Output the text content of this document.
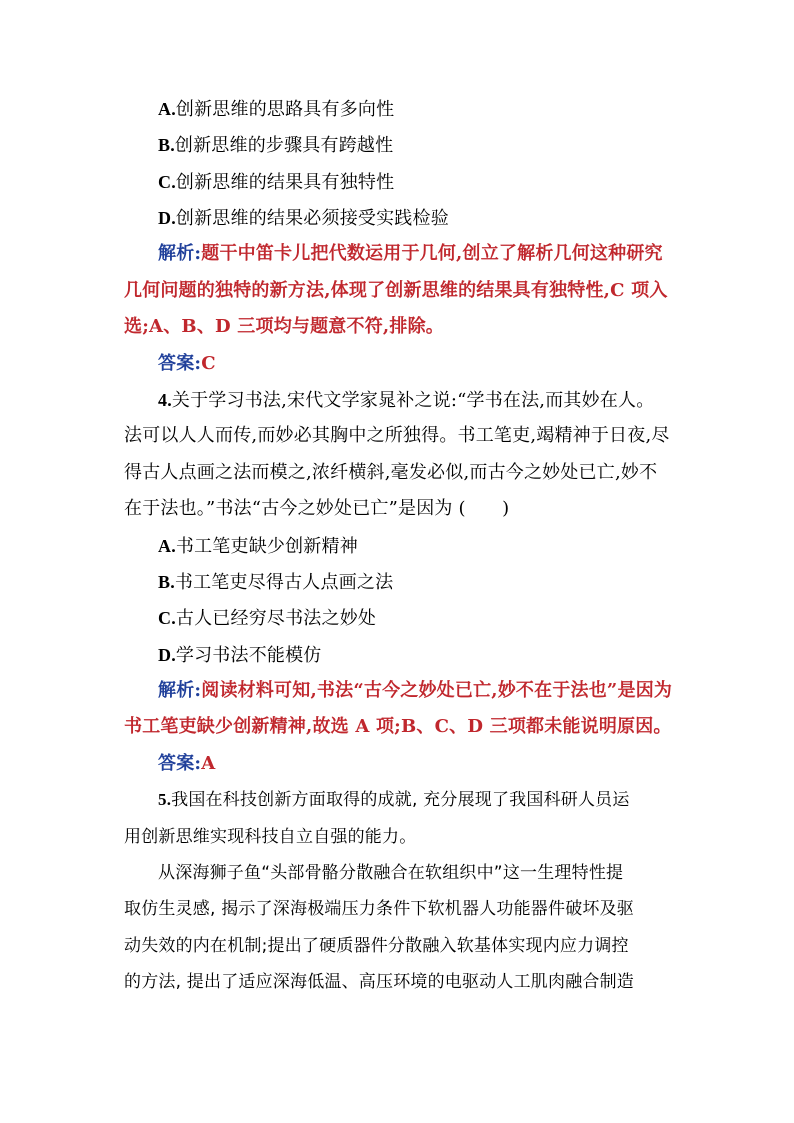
A.创新思维的思路具有多向性
B.创新思维的步骤具有跨越性
C.创新思维的结果具有独特性
D.创新思维的结果必须接受实践检验
解析:题干中笛卡儿把代数运用于几何,创立了解析几何这种研究
几何问题的独特的新方法,体现了创新思维的结果具有独特性,C 项入
选;A、B、D 三项均与题意不符,排除。
答案:C
4.关于学习书法,宋代文学家晁补之说:“学书在法,而其妙在人。
法可以人人而传,而妙必其胸中之所独得。书工笔吏,竭精神于日夜,尽
得古人点画之法而模之,浓纤横斜,毫发必似,而古今之妙处已亡,妙不
在于法也。”书法“古今之妙处已亡”是因为 (　　)
A.书工笔吏缺少创新精神
B.书工笔吏尽得古人点画之法
C.古人已经穷尽书法之妙处
D.学习书法不能模仿
解析:阅读材料可知,书法“古今之妙处已亡,妙不在于法也”是因为
书工笔吏缺少创新精神,故选 A 项;B、C、D 三项都未能说明原因。
答案:A
5.我国在科技创新方面取得的成就, 充分展现了我国科研人员运
用创新思维实现科技自立自强的能力。
从深海狮子鱼“头部骨骼分散融合在软组织中”这一生理特性提
取仿生灵感, 揭示了深海极端压力条件下软机器人功能器件破坏及驱
动失效的内在机制;提出了硬质器件分散融入软基体实现内应力调控
的方法, 提出了适应深海低温、高压环境的电驱动人工肌肉融合制造
